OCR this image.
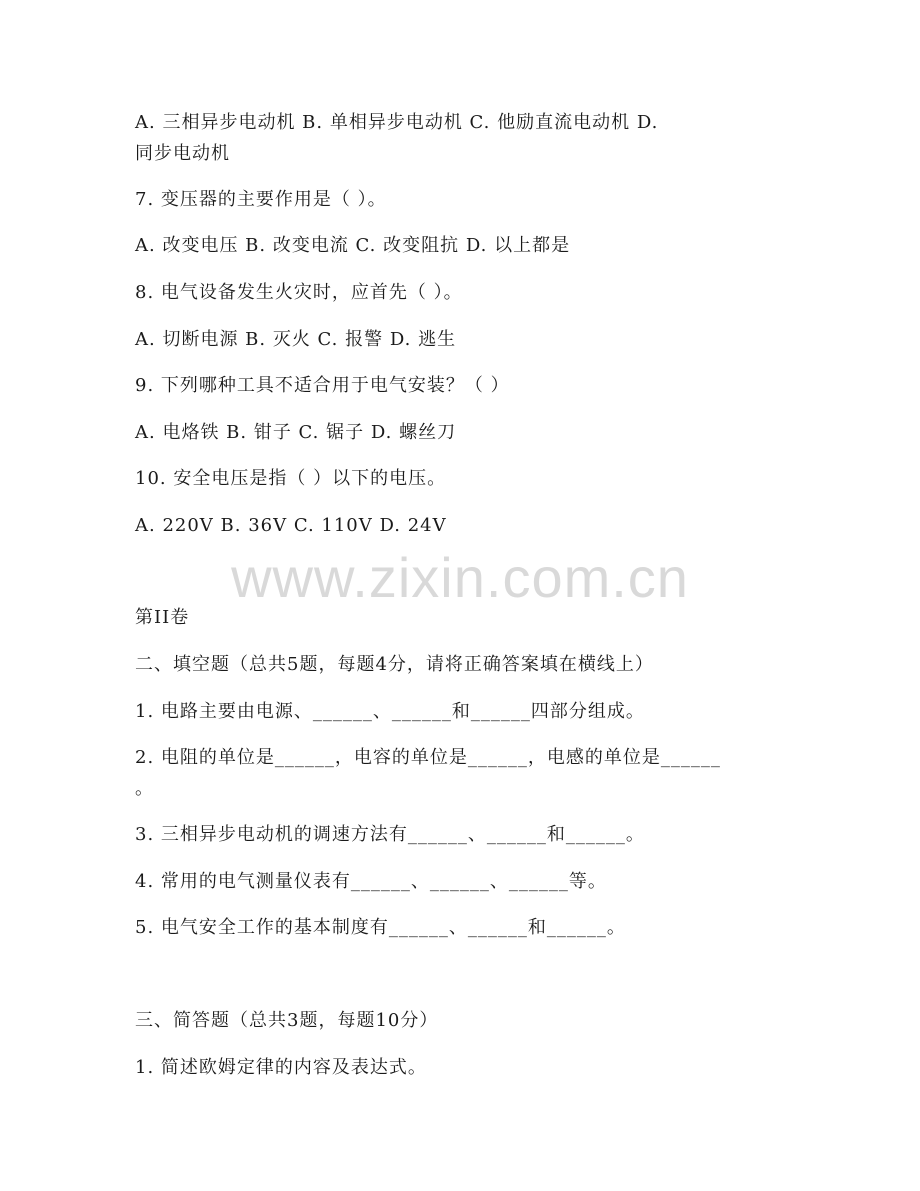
A. 三相异步电动机 B. 单相异步电动机 C. 他励直流电动机 D.
同步电动机
7. 变压器的主要作用是（ ）。
A. 改变电压 B. 改变电流 C. 改变阻抗 D. 以上都是
8. 电气设备发生火灾时，应首先（ ）。
A. 切断电源 B. 灭火 C. 报警 D. 逃生
9. 下列哪种工具不适合用于电气安装？（ ）
A. 电烙铁 B. 钳子 C. 锯子 D. 螺丝刀
10. 安全电压是指（ ）以下的电压。
A. 220V B. 36V C. 110V D. 24V
www.zixin.com.cn
第II卷
二、填空题（总共5题，每题4分，请将正确答案填在横线上）
1. 电路主要由电源、______、______和______四部分组成。
2. 电阻的单位是______，电容的单位是______，电感的单位是______
。
3. 三相异步电动机的调速方法有______、______和______。
4. 常用的电气测量仪表有______、______、______等。
5. 电气安全工作的基本制度有______、______和______。
三、简答题（总共3题，每题10分）
1. 简述欧姆定律的内容及表达式。
